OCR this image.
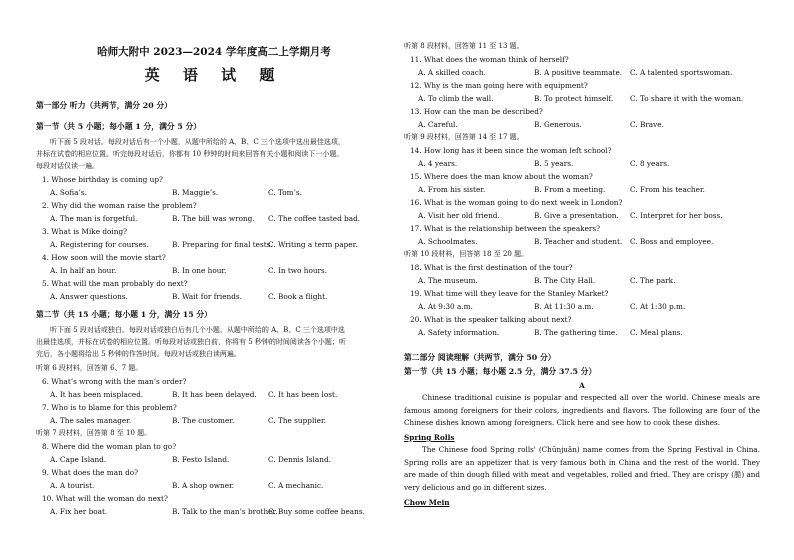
哈师大附中 2023—2024 学年度高二上学期月考
英 语 试 题
第一部分 听力（共两节，满分 20 分）
第一节（共 5 小题；每小题 1 分，满分 5 分）
听下面 5 段对话。每段对话后有一个小题，从题中所给的 A、B、C 三个选项中选出最佳选项，
并标在试卷的相应位置。听完每段对话后，你都有 10 秒钟的时间来回答有关小题和阅读下一小题。
每段对话仅读一遍。
1. Whose birthday is coming up?
A. Sofia’s.	B. Maggie’s.	C. Tom’s.
2. Why did the woman raise the problem?
A. The man is forgetful.	B. The bill was wrong. C. The coffee tasted bad.
3. What is Mike doing?
A. Registering for courses.	B. Preparing for final tests.
C. Writing a term paper.
4. How soon will the movie start?
A. In half an hour.	B. In one hour.	C. In two hours.
5. What will the man probably do next?
A. Answer questions.	B. Wait for friends.	C. Book a flight.
第二节（共 15 小题；每小题 1 分，满分 15 分）
听下面 5 段对话或独白。每段对话或独白后有几个小题，从题中所给的 A、B、C 三个选项中选
出最佳选项，并标在试卷的相应位置。听每段对话或独白前，你将有 5 秒钟的时间阅读各个小题；听
完后，各小题将给出 5 秒钟的作答时间。每段对话或独白读两遍。
听第 6 段材料，回答第 6、7 题。
6. What’s wrong with the man’s order?
A. It has been misplaced.	B. It has been delayed. C. It has been lost.
7. Who is to blame for this problem?
A. The sales manager.	B. The customer.	C. The supplier.
听第 7 段材料，回答第 8 至 10 题。
8. Where did the woman plan to go?
A. Cape Island.	B. Festo Island.	C. Dennis Island.
9. What does the man do?
A. A tourist.	B. A shop owner.	C. A mechanic.
10. What will the woman do next?
A. Fix her boat.	B. Talk to the man’s brother.
C. Buy some coffee beans.
听第 8 段材料，回答第 11 至 13 题。
11. What does the woman think of herself?
A. A skilled coach.	B. A positive teammate. C. A talented sportswoman.
12. Why is the man going here with equipment?
A. To climb the wall.	B. To protect himself. C. To share it with the woman.
13. How can the man be described?
A. Careful.	B. Generous.	C. Brave.
听第 9 段材料，回答第 14 至 17 题。
14. How long has it been since the woman left school?
A. 4 years.	B. 5 years.	C. 8 years.
15. Where does the man know about the woman?
A. From his sister.	B. From a meeting.	C. From his teacher.
16. What is the woman going to do next week in London?
A. Visit her old friend.	B. Give a presentation. C. Interpret for her boss.
17. What is the relationship between the speakers?
A. Schoolmates.	B. Teacher and student. C. Boss and employee.
听第 10 段材料，回答第 18 至 20 题。
18. What is the first destination of the tour?
A. The museum.	B. The City Hall.	C. The park.
19. What time will they leave for the Stanley Market?
A. At 9:30 a.m.	B. At 11:30 a.m.	C. At 1:30 p.m.
20. What is the speaker talking about next?
A. Safety information.	B. The gathering time. C. Meal plans.
第二部分 阅读理解（共两节，满分 50 分）
第一节（共 15 小题；每小题 2.5 分，满分 37.5 分）
A
Chinese traditional cuisine is popular and respected all over the world. Chinese meals are famous among foreigners for their colors, ingredients and flavors. The following are four of the Chinese dishes known among foreigners. Click here and see how to cook these dishes.
Spring Rolls
The Chinese food Spring rolls' (Chūnjuǎn) name comes from the Spring Festival in China. Spring rolls are an appetizer that is very famous both in China and the rest of the world. They are made of thin dough filled with meat and vegetables, rolled and fried. They are crispy (脆) and very delicious and go in different sizes.
Chow Mein
